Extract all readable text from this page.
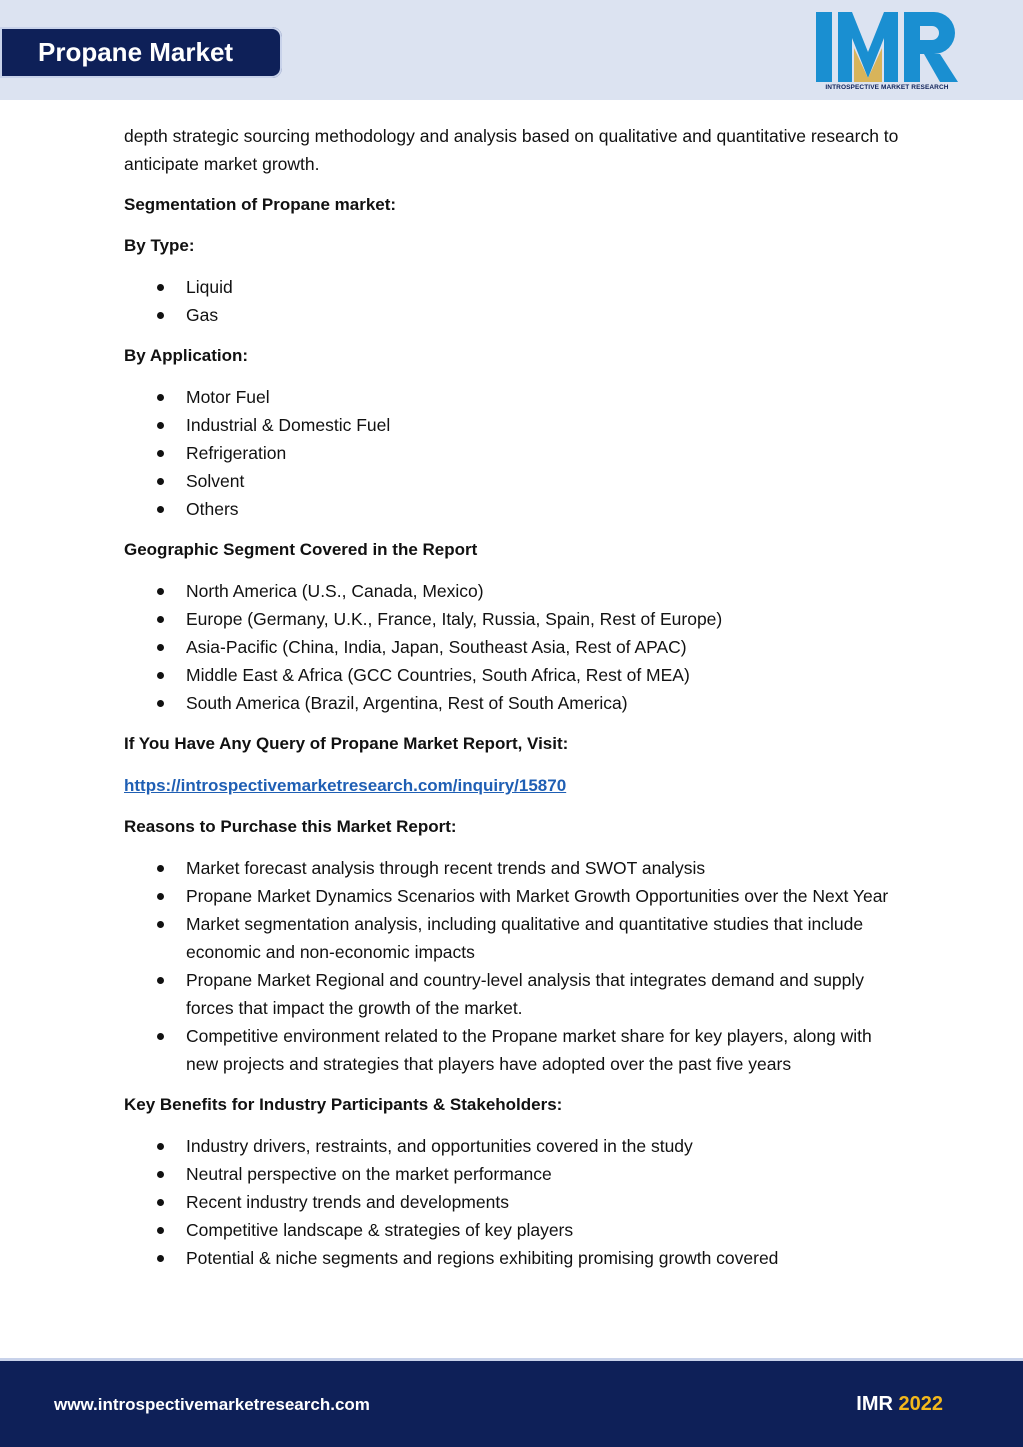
Propane Market
INTROSPECTIVE MARKET RESEARCH

depth strategic sourcing methodology and analysis based on qualitative and quantitative research to anticipate market growth.

Segmentation of Propane market:

By Type:

Liquid
Gas

By Application:

Motor Fuel
Industrial & Domestic Fuel
Refrigeration
Solvent
Others

Geographic Segment Covered in the Report

North America (U.S., Canada, Mexico)
Europe (Germany, U.K., France, Italy, Russia, Spain, Rest of Europe)
Asia-Pacific (China, India, Japan, Southeast Asia, Rest of APAC)
Middle East & Africa (GCC Countries, South Africa, Rest of MEA)
South America (Brazil, Argentina, Rest of South America)

If You Have Any Query of Propane Market Report, Visit:

https://introspectivemarketresearch.com/inquiry/15870

Reasons to Purchase this Market Report:

Market forecast analysis through recent trends and SWOT analysis
Propane Market Dynamics Scenarios with Market Growth Opportunities over the Next Year
Market segmentation analysis, including qualitative and quantitative studies that include economic and non-economic impacts
Propane Market Regional and country-level analysis that integrates demand and supply forces that impact the growth of the market.
Competitive environment related to the Propane market share for key players, along with new projects and strategies that players have adopted over the past five years

Key Benefits for Industry Participants & Stakeholders:

Industry drivers, restraints, and opportunities covered in the study
Neutral perspective on the market performance
Recent industry trends and developments
Competitive landscape & strategies of key players
Potential & niche segments and regions exhibiting promising growth covered
www.introspectivemarketresearch.com	IMR 2022
